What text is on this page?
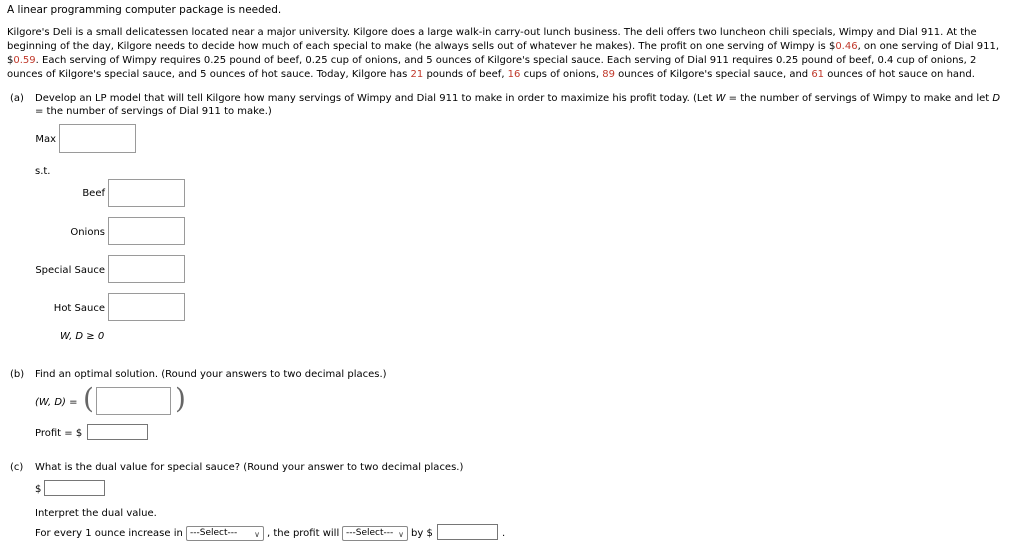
A linear programming computer package is needed.
Kilgore's Deli is a small delicatessen located near a major university. Kilgore does a large walk-in carry-out lunch business. The deli offers two luncheon chili specials, Wimpy and Dial 911. At the
beginning of the day, Kilgore needs to decide how much of each special to make (he always sells out of whatever he makes). The profit on one serving of Wimpy is $0.46, on one serving of Dial 911,
$0.59. Each serving of Wimpy requires 0.25 pound of beef, 0.25 cup of onions, and 5 ounces of Kilgore's special sauce. Each serving of Dial 911 requires 0.25 pound of beef, 0.4 cup of onions, 2
ounces of Kilgore's special sauce, and 5 ounces of hot sauce. Today, Kilgore has 21 pounds of beef, 16 cups of onions, 89 ounces of Kilgore's special sauce, and 61 ounces of hot sauce on hand.
(a) Develop an LP model that will tell Kilgore how many servings of Wimpy and Dial 911 to make in order to maximize his profit today. (Let W = the number of servings of Wimpy to make and let D
= the number of servings of Dial 911 to make.)
Max
s.t.
Beef
Onions
Special Sauce
Hot Sauce
W, D ≥ 0
(b) Find an optimal solution. (Round your answers to two decimal places.)
(W, D) = (	)
Profit = $
(c) What is the dual value for special sauce? (Round your answer to two decimal places.)
$
Interpret the dual value.
For every 1 ounce increase in ---Select--- ∨ , the profit will ---Select--- ∨ by $	.
